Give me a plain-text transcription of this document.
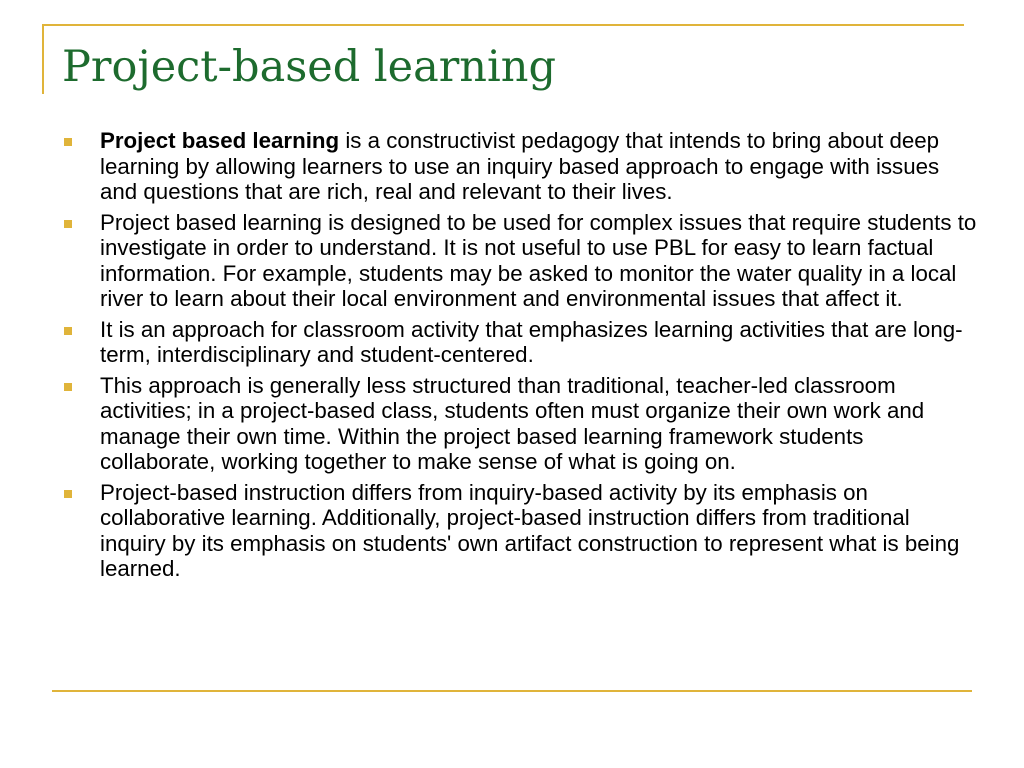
Project-based learning
Project based learning is a constructivist pedagogy that intends to bring about deep learning by allowing learners to use an inquiry based approach to engage with issues and questions that are rich, real and relevant to their lives.
Project based learning is designed to be used for complex issues that require students to investigate in order to understand. It is not useful to use PBL for easy to learn factual information. For example, students may be asked to monitor the water quality in a local river to learn about their local environment and environmental issues that affect it.
It is an approach for classroom activity that emphasizes learning activities that are long-term, interdisciplinary and student-centered.
This approach is generally less structured than traditional, teacher-led classroom activities; in a project-based class, students often must organize their own work and manage their own time. Within the project based learning framework students collaborate, working together to make sense of what is going on.
Project-based instruction differs from inquiry-based activity by its emphasis on collaborative learning. Additionally, project-based instruction differs from traditional inquiry by its emphasis on students' own artifact construction to represent what is being learned.
